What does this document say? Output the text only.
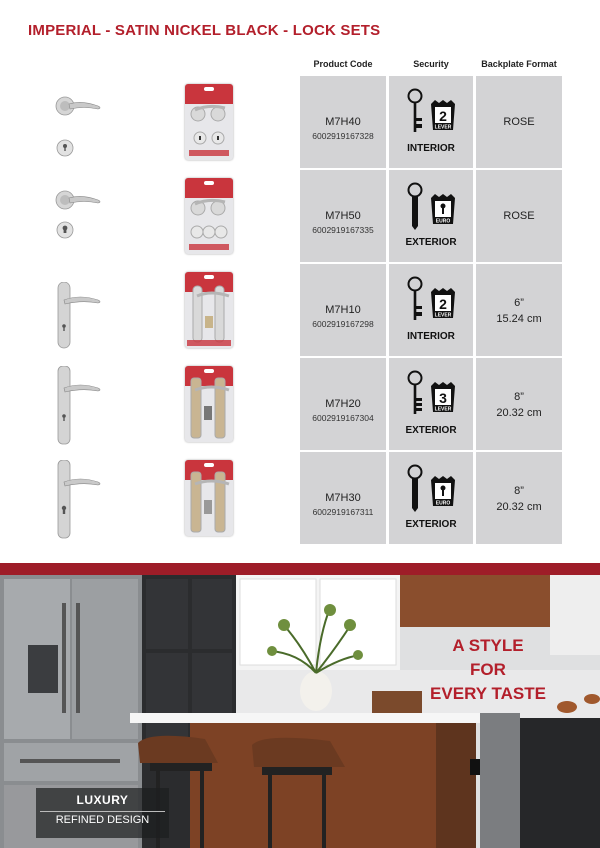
IMPERIAL - SATIN NICKEL BLACK - LOCK SETS
Product Code	Security	Backplate Format
M7H40
6002919167328
2
LEVER
INTERIOR
ROSE
M7H50
6002919167335
EURO
EXTERIOR
ROSE
M7H10
6002919167298
2
LEVER
INTERIOR
6”
15.24 cm
M7H20
6002919167304
3
LEVER
EXTERIOR
8”
20.32 cm
M7H30
6002919167311
EURO
EXTERIOR
8”
20.32 cm
A STYLE
FOR
EVERY TASTE
LUXURY
REFINED DESIGN
